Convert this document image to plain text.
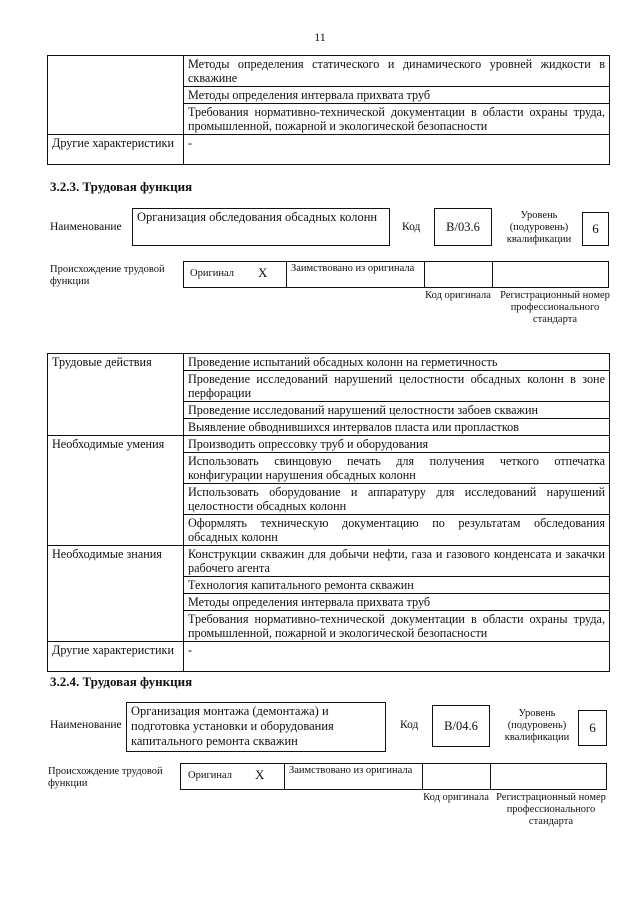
11
	Методы определения статического и динамического уровней жидкости в скважине
	Методы определения интервала прихвата труб
	Требования нормативно-технической документации в области охраны труда, промышленной, пожарной и экологической безопасности
Другие характеристики	-
3.2.3. Трудовая функция
Наименование
Организация обследования обсадных колонн
Код	B/03.6
Уровень (подуровень) квалификации
6
Происхождение трудовой функции
Оригинал X Заимствовано из оригинала
Код оригинала Регистрационный номер профессионального стандарта
Трудовые действия	Проведение испытаний обсадных колонн на герметичность
	Проведение исследований нарушений целостности обсадных колонн в зоне перфорации
	Проведение исследований нарушений целостности забоев скважин
	Выявление обводнившихся интервалов пласта или пропластков
Необходимые умения	Производить опрессовку труб и оборудования
	Использовать свинцовую печать для получения четкого отпечатка конфигурации нарушения обсадных колонн
	Использовать оборудование и аппаратуру для исследований нарушений целостности обсадных колонн
	Оформлять техническую документацию по результатам обследования обсадных колонн
Необходимые знания	Конструкции скважин для добычи нефти, газа и газового конденсата и закачки рабочего агента
	Технология капитального ремонта скважин
	Методы определения интервала прихвата труб
	Требования нормативно-технической документации в области охраны труда, промышленной, пожарной и экологической безопасности
Другие характеристики	-
3.2.4. Трудовая функция
Наименование
Организация монтажа (демонтажа) и подготовка установки и оборудования капитального ремонта скважин
Код	B/04.6
Уровень (подуровень) квалификации
6
Происхождение трудовой функции
Оригинал X Заимствовано из оригинала
Код оригинала Регистрационный номер профессионального стандарта
